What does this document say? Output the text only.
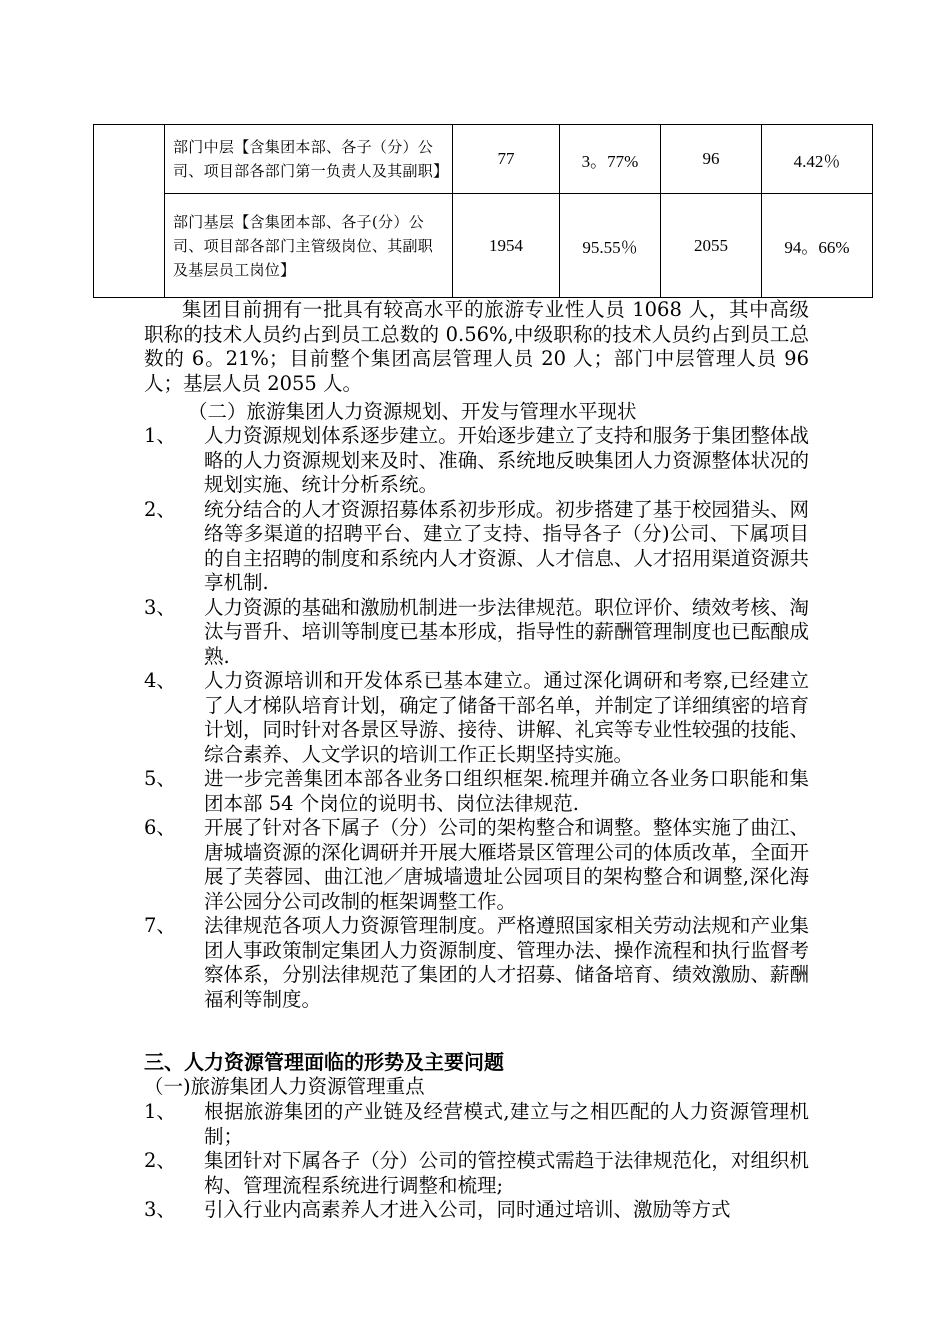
	部门中层【含集团本部、各子（分）公司、项目部各部门第一负责人及其副职】	77	3。77%	96	4.42％
	部门基层【含集团本部、各子(分）公司、项目部各部门主管级岗位、其副职及基层员工岗位】	1954	95.55％	2055	94。66%
集团目前拥有一批具有较高水平的旅游专业性人员 1068 人，其中高级职称的技术人员约占到员工总数的 0.56%,中级职称的技术人员约占到员工总数的 6。21%；目前整个集团高层管理人员 20 人；部门中层管理人员 96 人；基层人员 2055 人。
（二）旅游集团人力资源规划、开发与管理水平现状
1、 人力资源规划体系逐步建立。开始逐步建立了支持和服务于集团整体战略的人力资源规划来及时、准确、系统地反映集团人力资源整体状况的规划实施、统计分析系统。
2、 统分结合的人才资源招募体系初步形成。初步搭建了基于校园猎头、网络等多渠道的招聘平台、建立了支持、指导各子（分)公司、下属项目的自主招聘的制度和系统内人才资源、人才信息、人才招用渠道资源共享机制.
3、 人力资源的基础和激励机制进一步法律规范。职位评价、绩效考核、淘汰与晋升、培训等制度已基本形成，指导性的薪酬管理制度也已酝酿成熟.
4、 人力资源培训和开发体系已基本建立。通过深化调研和考察,已经建立了人才梯队培育计划，确定了储备干部名单，并制定了详细缜密的培育计划，同时针对各景区导游、接待、讲解、礼宾等专业性较强的技能、综合素养、人文学识的培训工作正长期坚持实施。
5、 进一步完善集团本部各业务口组织框架.梳理并确立各业务口职能和集团本部 54 个岗位的说明书、岗位法律规范.
6、 开展了针对各下属子（分）公司的架构整合和调整。整体实施了曲江、唐城墙资源的深化调研并开展大雁塔景区管理公司的体质改革，全面开展了芙蓉园、曲江池／唐城墙遗址公园项目的架构整合和调整,深化海洋公园分公司改制的框架调整工作。
7、 法律规范各项人力资源管理制度。严格遵照国家相关劳动法规和产业集团人事政策制定集团人力资源制度、管理办法、操作流程和执行监督考察体系，分别法律规范了集团的人才招募、储备培育、绩效激励、薪酬福利等制度。
三、人力资源管理面临的形势及主要问题
（一)旅游集团人力资源管理重点
1、 根据旅游集团的产业链及经营模式,建立与之相匹配的人力资源管理机制；
2、 集团针对下属各子（分）公司的管控模式需趋于法律规范化，对组织机构、管理流程系统进行调整和梳理;
3、 引入行业内高素养人才进入公司，同时通过培训、激励等方式
